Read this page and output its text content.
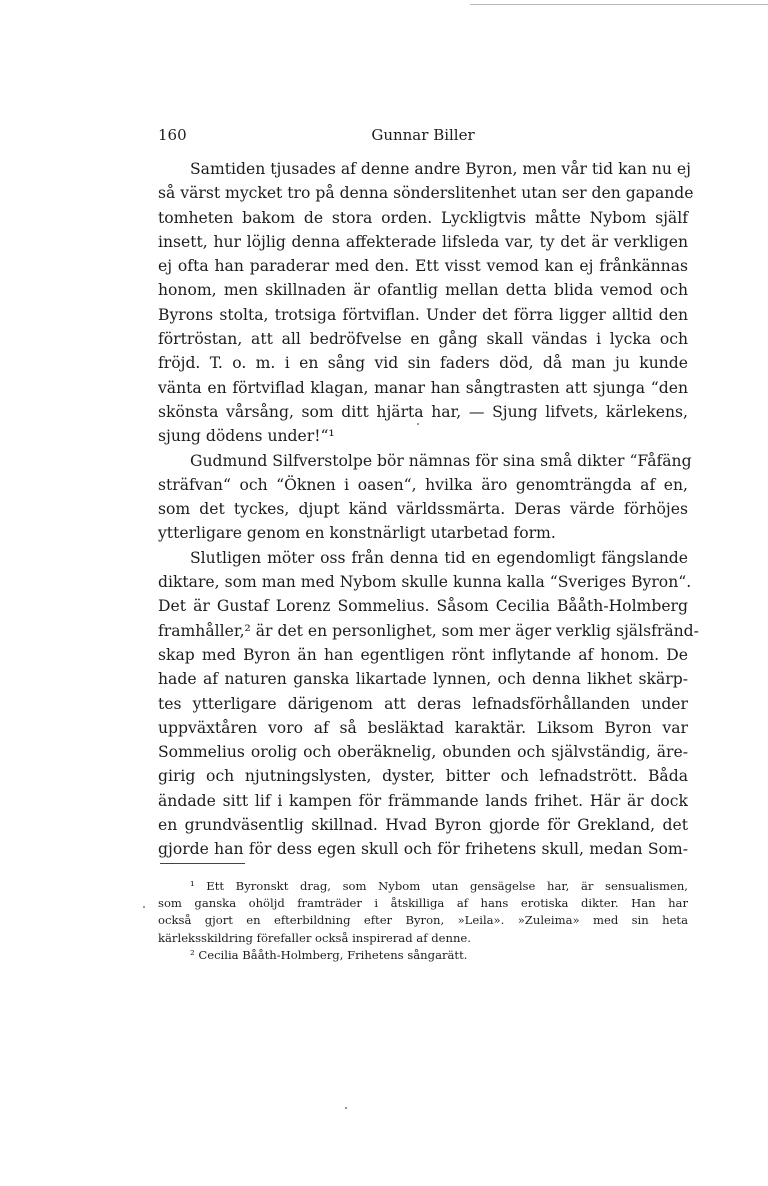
160	Gunnar Biller
Samtiden tjusades af denne andre Byron, men vår tid kan nu ej
så värst mycket tro på denna sönderslitenhet utan ser den gapande
tomheten bakom de stora orden. Lyckligtvis måtte Nybom själf
insett, hur löjlig denna affekterade lifsleda var, ty det är verkligen
ej ofta han paraderar med den. Ett visst vemod kan ej frånkännas
honom, men skillnaden är ofantlig mellan detta blida vemod och
Byrons stolta, trotsiga förtviflan. Under det förra ligger alltid den
förtröstan, att all bedröfvelse en gång skall vändas i lycka och
fröjd. T. o. m. i en sång vid sin faders död, då man ju kunde
vänta en förtviflad klagan, manar han sångtrasten att sjunga “den
skönsta vårsång, som ditt hjärta har, — Sjung lifvets, kärlekens,
sjung dödens under!“¹
Gudmund Silfverstolpe bör nämnas för sina små dikter “Fåfäng
sträfvan“ och “Öknen i oasen“, hvilka äro genomträngda af en,
som det tyckes, djupt känd världssmärta. Deras värde förhöjes
ytterligare genom en konstnärligt utarbetad form.
Slutligen möter oss från denna tid en egendomligt fängslande
diktare, som man med Nybom skulle kunna kalla “Sveriges Byron“.
Det är Gustaf Lorenz Sommelius. Såsom Cecilia Bååth-Holmberg
framhåller,² är det en personlighet, som mer äger verklig själsfränd-
skap med Byron än han egentligen rönt inflytande af honom. De
hade af naturen ganska likartade lynnen, och denna likhet skärp-
tes ytterligare därigenom att deras lefnadsförhållanden under
uppväxtåren voro af så besläktad karaktär. Liksom Byron var
Sommelius orolig och oberäknelig, obunden och självständig, äre-
girig och njutningslysten, dyster, bitter och lefnadstrött. Båda
ändade sitt lif i kampen för främmande lands frihet. Här är dock
en grundväsentlig skillnad. Hvad Byron gjorde för Grekland, det
gjorde han för dess egen skull och för frihetens skull, medan Som-
¹ Ett Byronskt drag, som Nybom utan gensägelse har, är sensualismen,
som ganska ohöljd framträder i åtskilliga af hans erotiska dikter. Han har
också gjort en efterbildning efter Byron, »Leila». »Zuleima» med sin heta
kärleksskildring förefaller också inspirerad af denne.
² Cecilia Bååth-Holmberg, Frihetens sångarätt.
